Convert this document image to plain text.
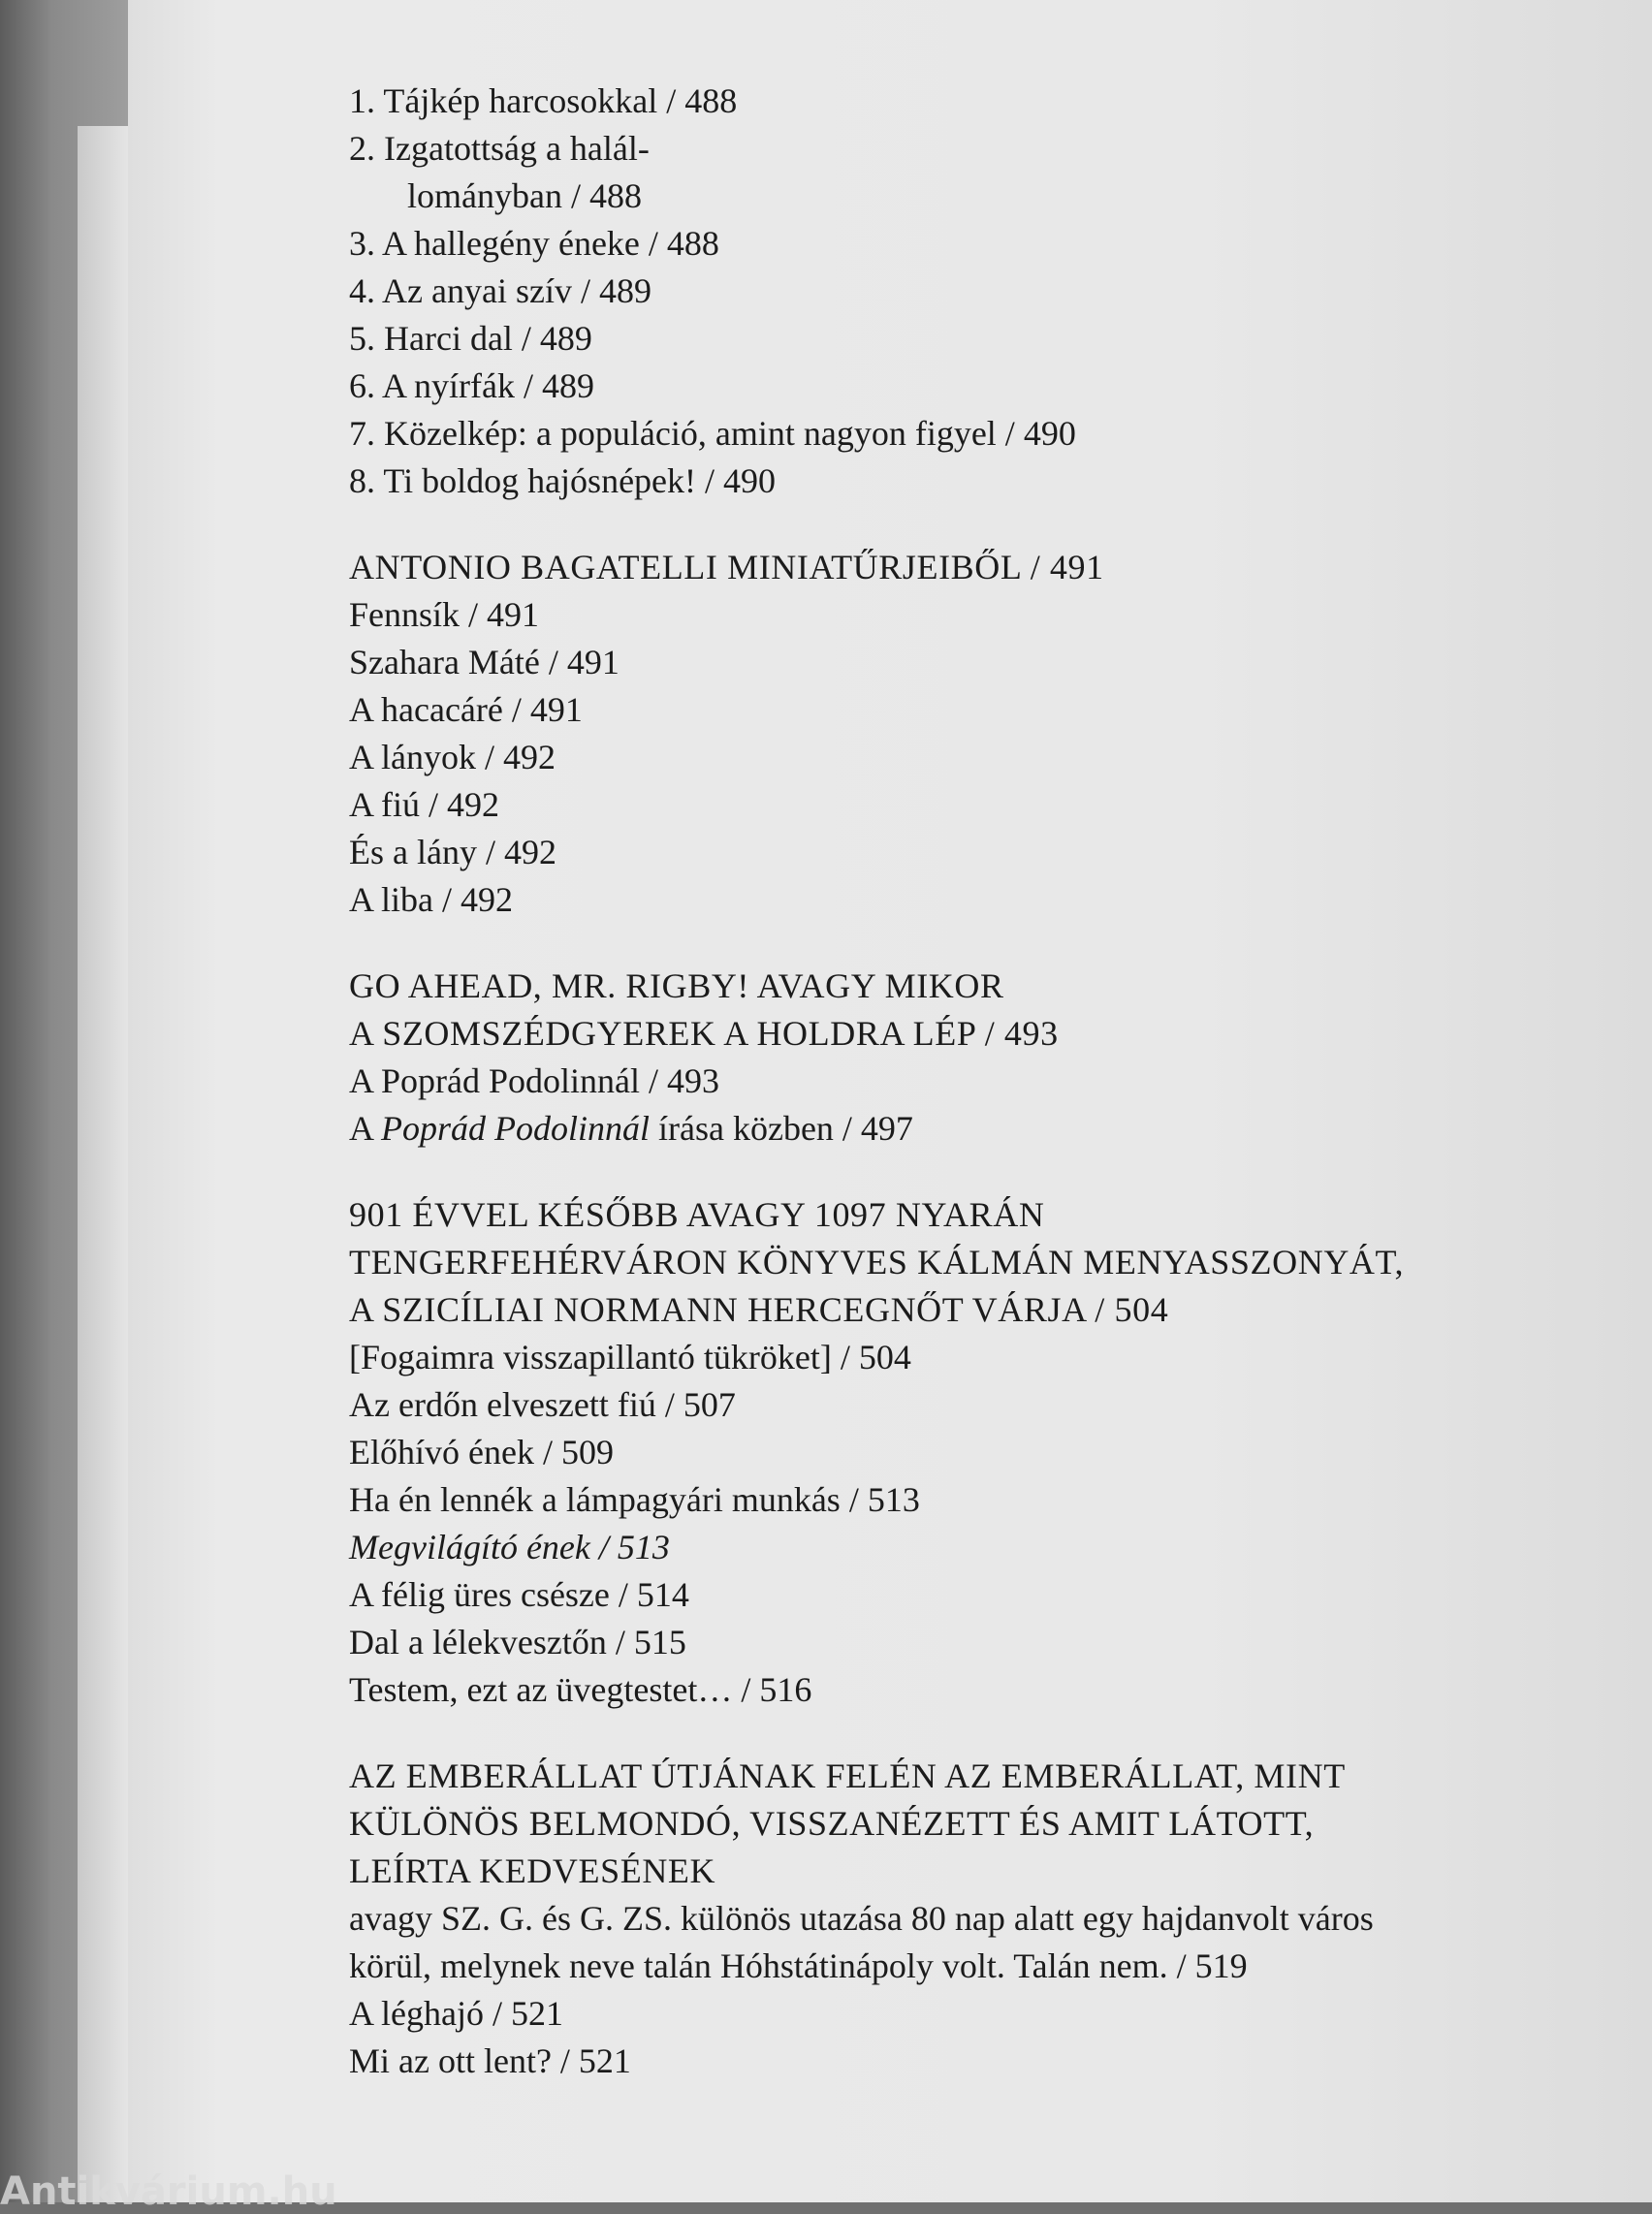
1. Tájkép harcosokkal / 488
2. Izgatottság a halál-
lományban / 488
3. A hallegény éneke / 488
4. Az anyai szív / 489
5. Harci dal / 489
6. A nyírfák / 489
7. Közelkép: a populáció, amint nagyon figyel / 490
8. Ti boldog hajósnépek! / 490
ANTONIO BAGATELLI MINIATŰRJEIBŐL / 491
Fennsík / 491
Szahara Máté / 491
A hacacáré / 491
A lányok / 492
A fiú / 492
És a lány / 492
A liba / 492
GO AHEAD, MR. RIGBY! AVAGY MIKOR
A SZOMSZÉDGYEREK A HOLDRA LÉP / 493
A Poprád Podolinnál / 493
A Poprád Podolinnál írása közben / 497
901 ÉVVEL KÉSŐBB AVAGY 1097 NYARÁN
TENGERFEHÉRVÁRON KÖNYVES KÁLMÁN MENYASSZONYÁT,
A SZICÍLIAI NORMANN HERCEGNŐT VÁRJA / 504
[Fogaimra visszapillantó tükröket] / 504
Az erdőn elveszett fiú / 507
Előhívó ének / 509
Ha én lennék a lámpagyári munkás / 513
Megvilágító ének / 513
A félig üres csésze / 514
Dal a lélekvesztőn / 515
Testem, ezt az üvegtestet… / 516
AZ EMBERÁLLAT ÚTJÁNAK FELÉN AZ EMBERÁLLAT, MINT
KÜLÖNÖS BELMONDÓ, VISSZANÉZETT ÉS AMIT LÁTOTT,
LEÍRTA KEDVESÉNEK
avagy SZ. G. és G. ZS. különös utazása 80 nap alatt egy hajdanvolt város
körül, melynek neve talán Hóhstátinápoly volt. Talán nem. / 519
A léghajó / 521
Mi az ott lent? / 521
Antikvárium.hu
